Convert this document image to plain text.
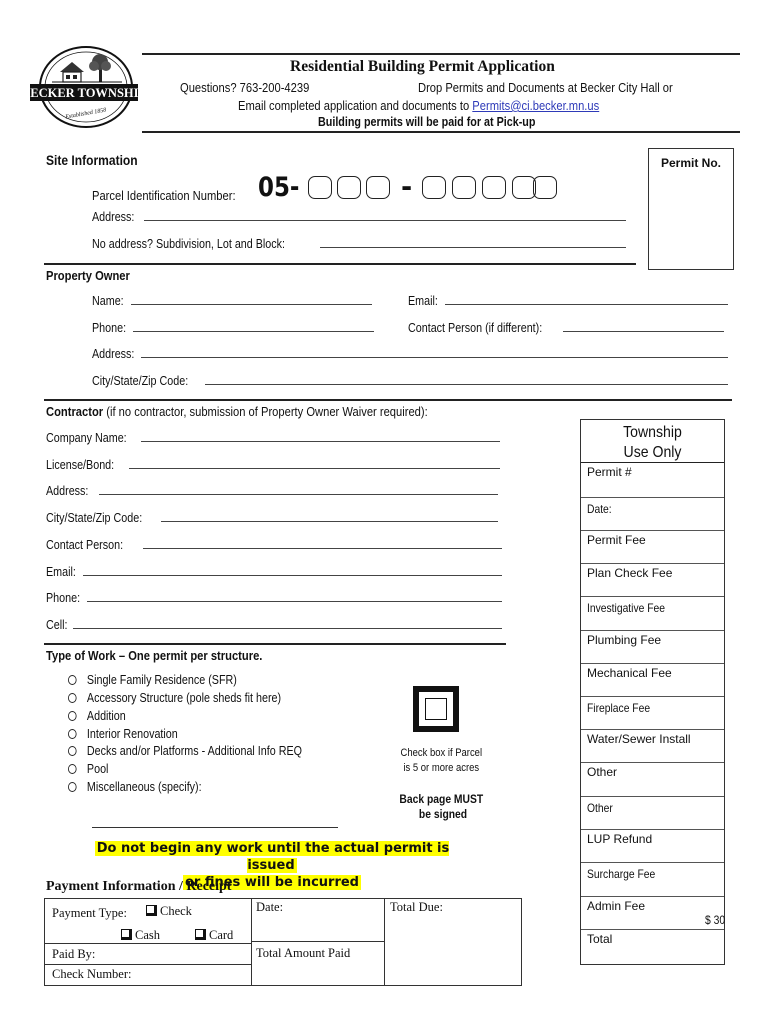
BECKER TOWNSHIP
Established 1858
Residential Building Permit Application
Questions? 763-200-4239	Drop Permits and Documents at Becker City Hall or
Email completed application and documents to Permits@ci.becker.mn.us
Building permits will be paid for at Pick-up
Site Information	Permit No.
Parcel Identification Number: 05-	-
Address:
No address? Subdivision, Lot and Block:
Property Owner
Name:	Email:
Phone:	Contact Person (if different):
Address:
City/State/Zip Code:
Contractor (if no contractor, submission of Property Owner Waiver required):
Company Name:
License/Bond:
Address:
City/State/Zip Code:
Contact Person:
Email:
Phone:
Cell:
Township
Use Only
Permit #
Date:
Permit Fee
Plan Check Fee
Investigative Fee
Plumbing Fee
Mechanical Fee
Fireplace Fee
Water/Sewer Install
Other
Other
LUP Refund
Surcharge Fee
Admin Fee
$ 30
Total
Type of Work – One permit per structure.
Single Family Residence (SFR)
Accessory Structure (pole sheds fit here)
Addition
Interior Renovation
Decks and/or Platforms - Additional Info REQ
Pool
Miscellaneous (specify):
Check box if Parcel
is 5 or more acres
Back page MUST
be signed
Do not begin any work until the actual permit is issued
or fines will be incurred
Payment Information / Receipt
Payment Type:	Check
Cash	Card
Date:	Total Due:
Paid By:	Total Amount Paid
Check Number:
